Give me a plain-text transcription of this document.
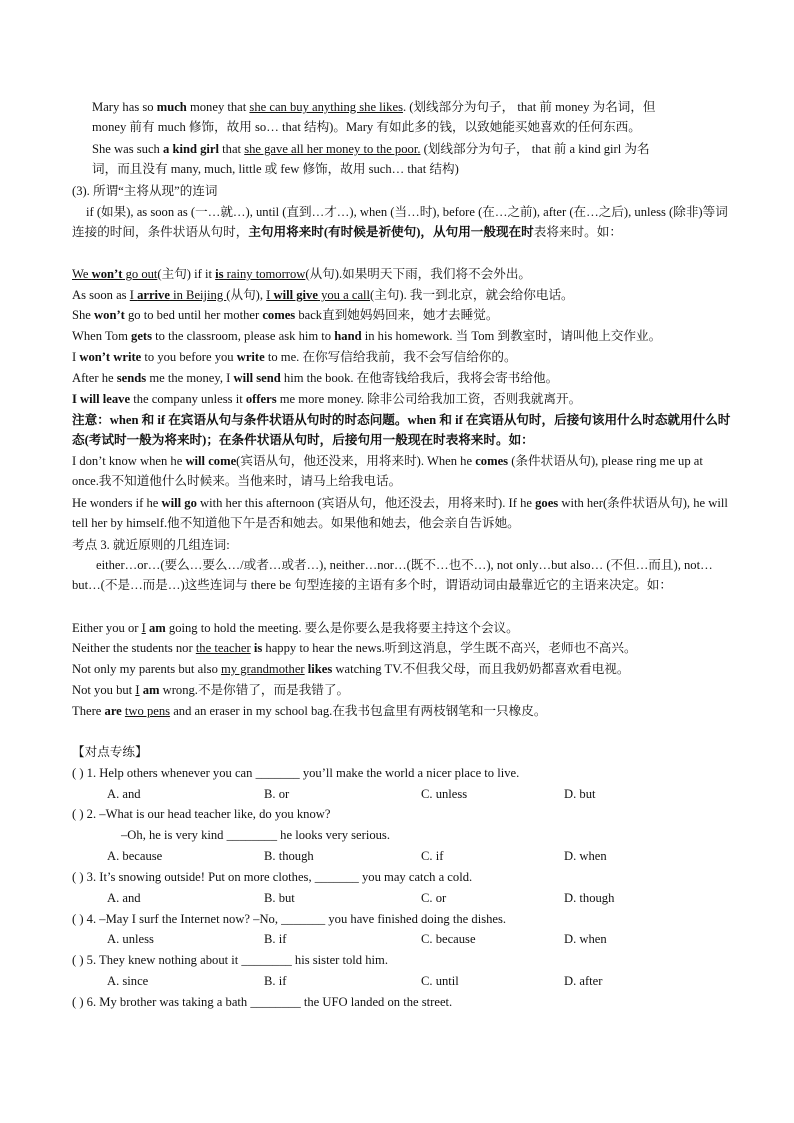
Mary has so much money that she can buy anything she likes. (划线部分为句子， that 前 money 为名词，但
money 前有 much 修饰，故用 so… that 结构)。Mary 有如此多的钱，以致她能买她喜欢的任何东西。
She was such a kind girl that she gave all her money to the poor. (划线部分为句子， that 前 a kind girl 为名
词，而且没有 many, much, little 或 few 修饰，故用 such… that 结构)
(3). 所谓“主将从现”的连词
if (如果), as soon as (一…就…), until (直到…才…), when (当…时), before (在…之前), after (在…之后), unless (除非)等词连接的时间，条件状语从句时，主句用将来时(有时候是祈使句)，从句用一般现在时表将来时。如：
We won’t go out(主句) if it is rainy tomorrow(从句).如果明天下雨，我们将不会外出。
As soon as I arrive in Beijing (从句), I will give you a call(主句). 我一到北京，就会给你电话。
She won’t go to bed until her mother comes back直到她妈妈回来，她才去睡觉。
When Tom gets to the classroom, please ask him to hand in his homework. 当 Tom 到教室时，请叫他上交作业。
I won’t write to you before you write to me. 在你写信给我前，我不会写信给你的。
After he sends me the money, I will send him the book. 在他寄钱给我后，我将会寄书给他。
I will leave the company unless it offers me more money. 除非公司给我加工资，否则我就离开。
注意：when 和 if 在宾语从句与条件状语从句时的时态问题。when 和 if 在宾语从句时，后接句该用什么时态就用什么时态(考试时一般为将来时)；在条件状语从句时，后接句用一般现在时表将来时。如：
I don’t know when he will come(宾语从句，他还没来，用将来时). When he comes (条件状语从句), please ring me up at once.我不知道他什么时候来。当他来时，请马上给我电话。
He wonders if he will go with her this afternoon (宾语从句，他还没去，用将来时). If he goes with her(条件状语从句), he will tell her by himself.他不知道他下午是否和她去。如果他和她去，他会亲自告诉她。
考点 3. 就近原则的几组连词:
either…or…(要么…要么…/或者…或者…), neither…nor…(既不…也不…), not only…but also… (不但…而且), not…but…(不是…而是…)这些连词与 there be 句型连接的主语有多个时，谓语动词由最靠近它的主语来决定。如：
Either you or I am going to hold the meeting. 要么是你要么是我将要主持这个会议。
Neither the students nor the teacher is happy to hear the news.听到这消息，学生既不高兴，老师也不高兴。
Not only my parents but also my grandmother likes watching TV.不但我父母，而且我奶奶都喜欢看电视。
Not you but I am wrong.不是你错了，而是我错了。
There are two pens and an eraser in my school bag.在我书包盒里有两枝钢笔和一只橡皮。
【对点专练】
( ) 1. Help others whenever you can _______ you’ll make the world a nicer place to live.
A. and	B. or	C. unless	D. but
( ) 2. –What is our head teacher like, do you know?
–Oh, he is very kind ________ he looks very serious.
A. because	B. though	C. if	D. when
( ) 3. It’s snowing outside! Put on more clothes, _______ you may catch a cold.
A. and	B. but	C. or	D. though
( ) 4. –May I surf the Internet now? –No, _______ you have finished doing the dishes.
A. unless	B. if	C. because	D. when
( ) 5. They knew nothing about it ________ his sister told him.
A. since	B. if	C. until	D. after
( ) 6. My brother was taking a bath ________ the UFO landed on the street.
